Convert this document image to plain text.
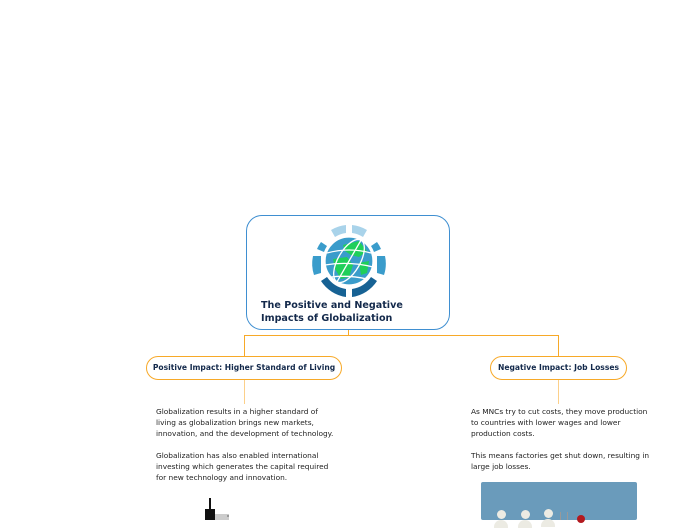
The Positive and Negative Impacts of Globalization
Positive Impact: Higher Standard of Living	Negative Impact: Job Losses

Globalization results in a higher standard of living as globalization brings new markets, innovation, and the development of technology.

Globalization has also enabled international investing which generates the capital required for new technology and innovation.

As MNCs try to cut costs, they move production to countries with lower wages and lower production costs.

This means factories get shut down, resulting in large job losses.
